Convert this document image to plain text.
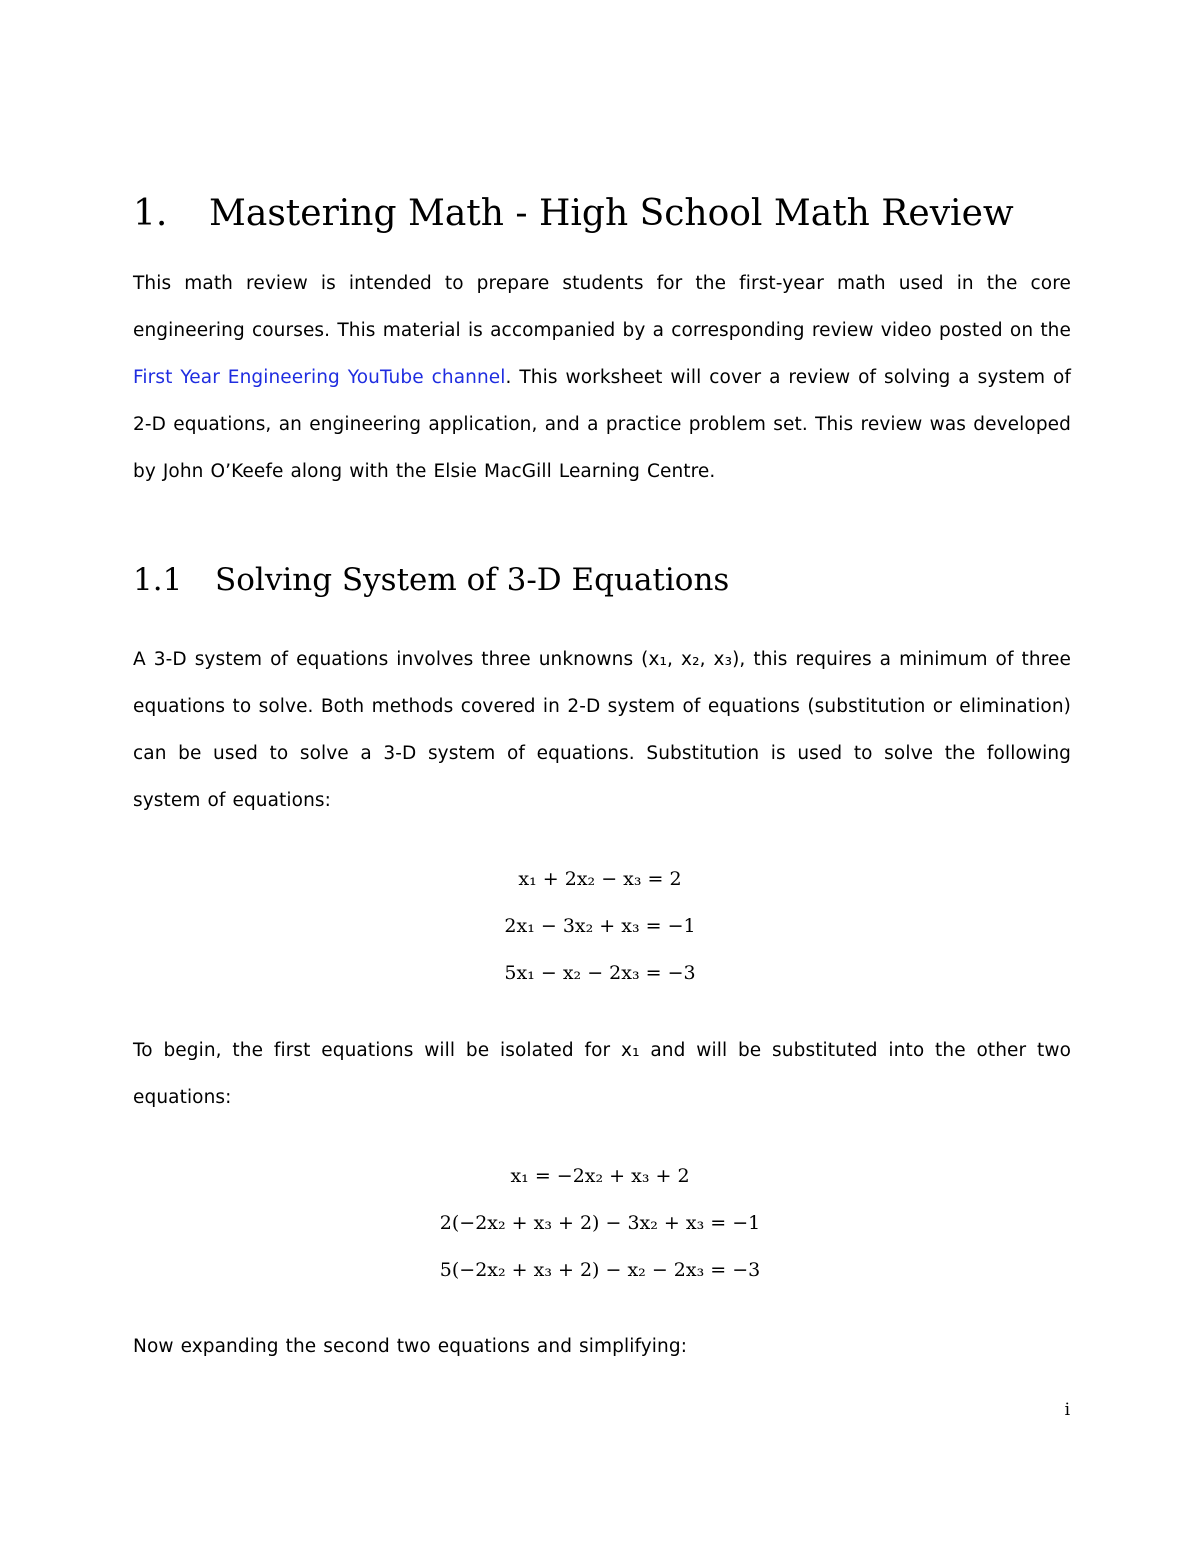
1. Mastering Math - High School Math Review

This math review is intended to prepare students for the first-year math used in the core engineering courses. This material is accompanied by a corresponding review video posted on the First Year Engineering YouTube channel. This worksheet will cover a review of solving a system of 2-D equations, an engineering application, and a practice problem set. This review was developed by John O’Keefe along with the Elsie MacGill Learning Centre.

1.1 Solving System of 3-D Equations

A 3-D system of equations involves three unknowns (x₁, x₂, x₃), this requires a minimum of three equations to solve. Both methods covered in 2-D system of equations (substitution or elimination) can be used to solve a 3-D system of equations. Substitution is used to solve the following system of equations:

x₁ + 2x₂ − x₃ = 2
2x₁ − 3x₂ + x₃ = −1
5x₁ − x₂ − 2x₃ = −3

To begin, the first equations will be isolated for x₁ and will be substituted into the other two equations:

x₁ = −2x₂ + x₃ + 2
2(−2x₂ + x₃ + 2) − 3x₂ + x₃ = −1
5(−2x₂ + x₃ + 2) − x₂ − 2x₃ = −3

Now expanding the second two equations and simplifying:

i
